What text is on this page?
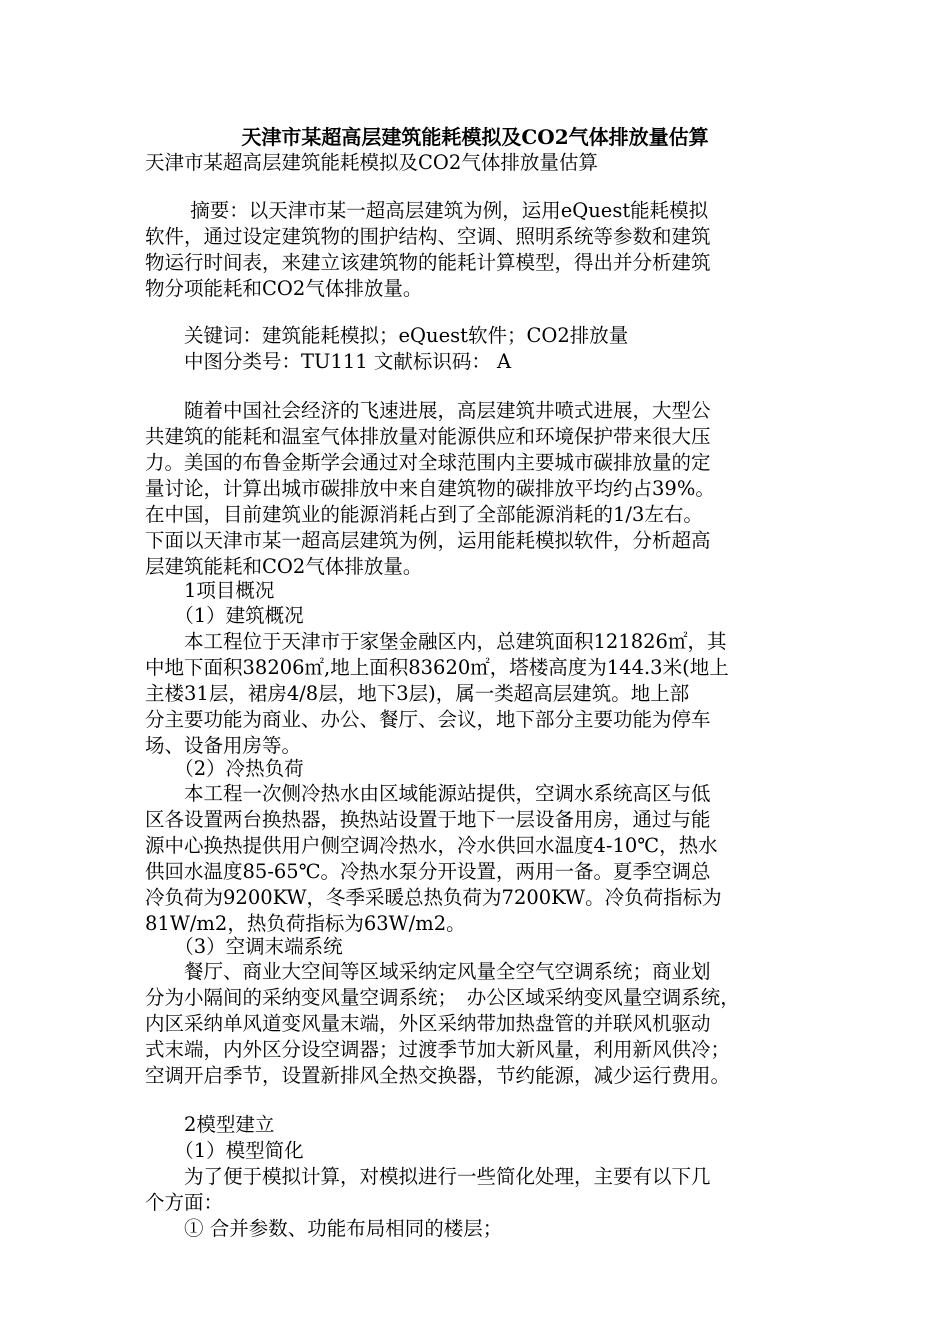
天津市某超高层建筑能耗模拟及CO2气体排放量估算
天津市某超高层建筑能耗模拟及CO2气体排放量估算
　　 摘要：以天津市某一超高层建筑为例，运用eQuest能耗模拟
软件，通过设定建筑物的围护结构、空调、照明系统等参数和建筑
物运行时间表，来建立该建筑物的能耗计算模型，得出并分析建筑
物分项能耗和CO2气体排放量。
　　关键词：建筑能耗模拟；eQuest软件；CO2排放量
　　中图分类号：TU111 文献标识码： A
　　随着中国社会经济的飞速进展，高层建筑井喷式进展，大型公
共建筑的能耗和温室气体排放量对能源供应和环境保护带来很大压
力。美国的布鲁金斯学会通过对全球范围内主要城市碳排放量的定
量讨论，计算出城市碳排放中来自建筑物的碳排放平均约占39%。
在中国，目前建筑业的能源消耗占到了全部能源消耗的1/3左右。
下面以天津市某一超高层建筑为例，运用能耗模拟软件，分析超高
层建筑能耗和CO2气体排放量。
　　1项目概况
　　（1）建筑概况
　　本工程位于天津市于家堡金融区内，总建筑面积121826㎡，其
中地下面积38206㎡,地上面积83620㎡，塔楼高度为144.3米(地上
主楼31层，裙房4/8层，地下3层)，属一类超高层建筑。地上部
分主要功能为商业、办公、餐厅、会议，地下部分主要功能为停车
场、设备用房等。
　　（2）冷热负荷
　　本工程一次侧冷热水由区域能源站提供，空调水系统高区与低
区各设置两台换热器，换热站设置于地下一层设备用房，通过与能
源中心换热提供用户侧空调冷热水，冷水供回水温度4-10℃，热水
供回水温度85-65℃。冷热水泵分开设置，两用一备。夏季空调总
冷负荷为9200KW，冬季采暖总热负荷为7200KW。冷负荷指标为
81W/m2，热负荷指标为63W/m2。
　　（3）空调末端系统
　　餐厅、商业大空间等区域采纳定风量全空气空调系统；商业划
分为小隔间的采纳变风量空调系统；　办公区域采纳变风量空调系统，
内区采纳单风道变风量末端，外区采纳带加热盘管的并联风机驱动
式末端，内外区分设空调器；过渡季节加大新风量，利用新风供冷；
空调开启季节，设置新排风全热交换器，节约能源，减少运行费用。
　　2模型建立
　　（1）模型简化
　　为了便于模拟计算，对模拟进行一些简化处理，主要有以下几
个方面：
　　① 合并参数、功能布局相同的楼层；
